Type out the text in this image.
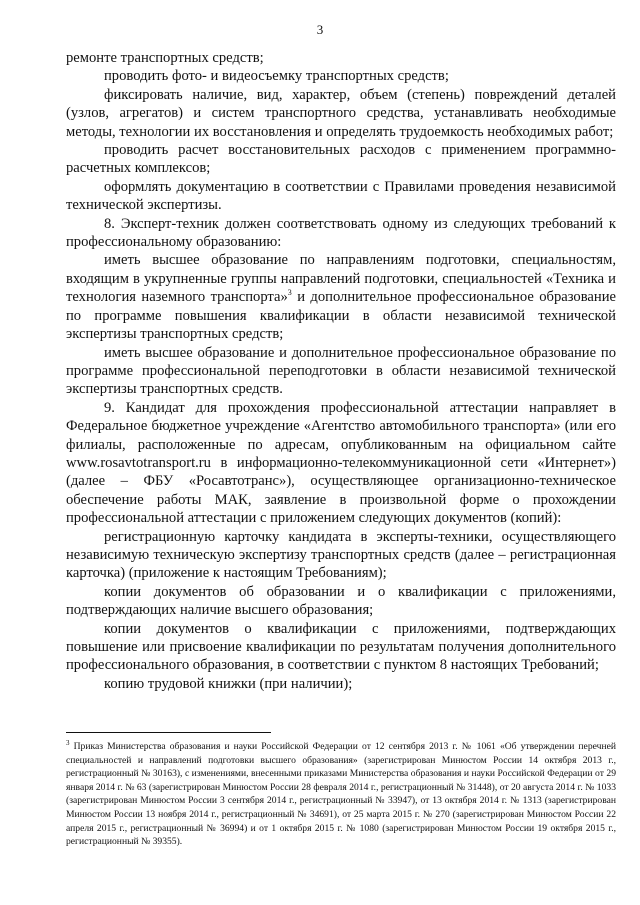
3

ремонте транспортных средств;

проводить фото- и видеосъемку транспортных средств;

фиксировать наличие, вид, характер, объем (степень) повреждений деталей (узлов, агрегатов) и систем транспортного средства, устанавливать необходимые методы, технологии их восстановления и определять трудоемкость необходимых работ;

проводить расчет восстановительных расходов с применением программно-расчетных комплексов;

оформлять документацию в соответствии с Правилами проведения независимой технической экспертизы.

8. Эксперт-техник должен соответствовать одному из следующих требований к профессиональному образованию:

иметь высшее образование по направлениям подготовки, специальностям, входящим в укрупненные группы направлений подготовки, специальностей «Техника и технология наземного транспорта»$^3$ и дополнительное профессиональное образование по программе повышения квалификации в области независимой технической экспертизы транспортных средств;

иметь высшее образование и дополнительное профессиональное образование по программе профессиональной переподготовки в области независимой технической экспертизы транспортных средств.

9. Кандидат для прохождения профессиональной аттестации направляет в Федеральное бюджетное учреждение «Агентство автомобильного транспорта» (или его филиалы, расположенные по адресам, опубликованным на официальном сайте www.rosavtotransport.ru в информационно-телекоммуникационной сети «Интернет») (далее – ФБУ «Росавтотранс»), осуществляющее организационно-техническое обеспечение работы МАК, заявление в произвольной форме о прохождении профессиональной аттестации с приложением следующих документов (копий):

регистрационную карточку кандидата в эксперты-техники, осуществляющего независимую техническую экспертизу транспортных средств (далее – регистрационная карточка) (приложение к настоящим Требованиям);

копии документов об образовании и о квалификации с приложениями, подтверждающих наличие высшего образования;

копии документов о квалификации с приложениями, подтверждающих повышение или присвоение квалификации по результатам получения дополнительного профессионального образования, в соответствии с пунктом 8 настоящих Требований;

копию трудовой книжки (при наличии);

$^3$ Приказ Министерства образования и науки Российской Федерации от 12 сентября 2013 г. № 1061 «Об утверждении перечней специальностей и направлений подготовки высшего образования» (зарегистрирован Минюстом России 14 октября 2013 г., регистрационный № 30163), с изменениями, внесенными приказами Министерства образования и науки Российской Федерации от 29 января 2014 г. № 63 (зарегистрирован Минюстом России 28 февраля 2014 г., регистрационный № 31448), от 20 августа 2014 г. № 1033 (зарегистрирован Минюстом России 3 сентября 2014 г., регистрационный № 33947), от 13 октября 2014 г. № 1313 (зарегистрирован Минюстом России 13 ноября 2014 г., регистрационный № 34691), от 25 марта 2015 г. № 270 (зарегистрирован Минюстом России 22 апреля 2015 г., регистрационный № 36994) и от 1 октября 2015 г. № 1080 (зарегистрирован Минюстом России 19 октября 2015 г., регистрационный № 39355).
